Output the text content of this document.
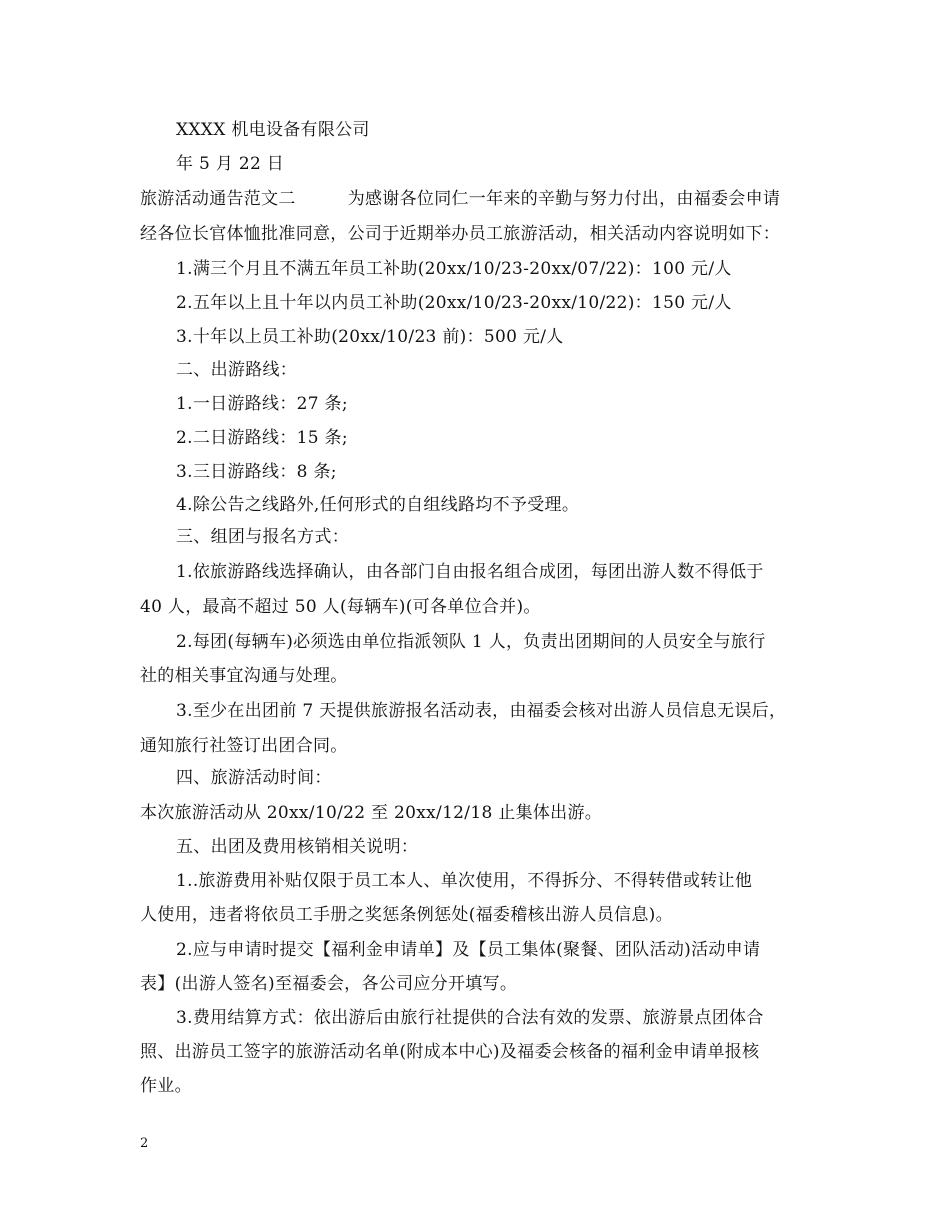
XXXX 机电设备有限公司
年 5 月 22 日
旅游活动通告范文二	为感谢各位同仁一年来的辛勤与努力付出，由福委会申请
经各位长官体恤批准同意，公司于近期举办员工旅游活动，相关活动内容说明如下：
1.满三个月且不满五年员工补助(20xx/10/23-20xx/07/22)：100 元/人
2.五年以上且十年以内员工补助(20xx/10/23-20xx/10/22)：150 元/人
3.十年以上员工补助(20xx/10/23 前)：500 元/人
二、出游路线：
1.一日游路线：27 条;
2.二日游路线：15 条;
3.三日游路线：8 条;
4.除公告之线路外,任何形式的自组线路均不予受理。
三、组团与报名方式：
1.依旅游路线选择确认，由各部门自由报名组合成团，每团出游人数不得低于
40 人，最高不超过 50 人(每辆车)(可各单位合并)。
2.每团(每辆车)必须选由单位指派领队 1 人，负责出团期间的人员安全与旅行
社的相关事宜沟通与处理。
3.至少在出团前 7 天提供旅游报名活动表，由福委会核对出游人员信息无误后，
通知旅行社签订出团合同。
四、旅游活动时间：
本次旅游活动从 20xx/10/22 至 20xx/12/18 止集体出游。
五、出团及费用核销相关说明：
1..旅游费用补贴仅限于员工本人、单次使用，不得拆分、不得转借或转让他
人使用，违者将依员工手册之奖惩条例惩处(福委稽核出游人员信息)。
2.应与申请时提交【福利金申请单】及【员工集体(聚餐、团队活动)活动申请
表】(出游人签名)至福委会，各公司应分开填写。
3.费用结算方式：依出游后由旅行社提供的合法有效的发票、旅游景点团体合
照、出游员工签字的旅游活动名单(附成本中心)及福委会核备的福利金申请单报核
作业。
2
